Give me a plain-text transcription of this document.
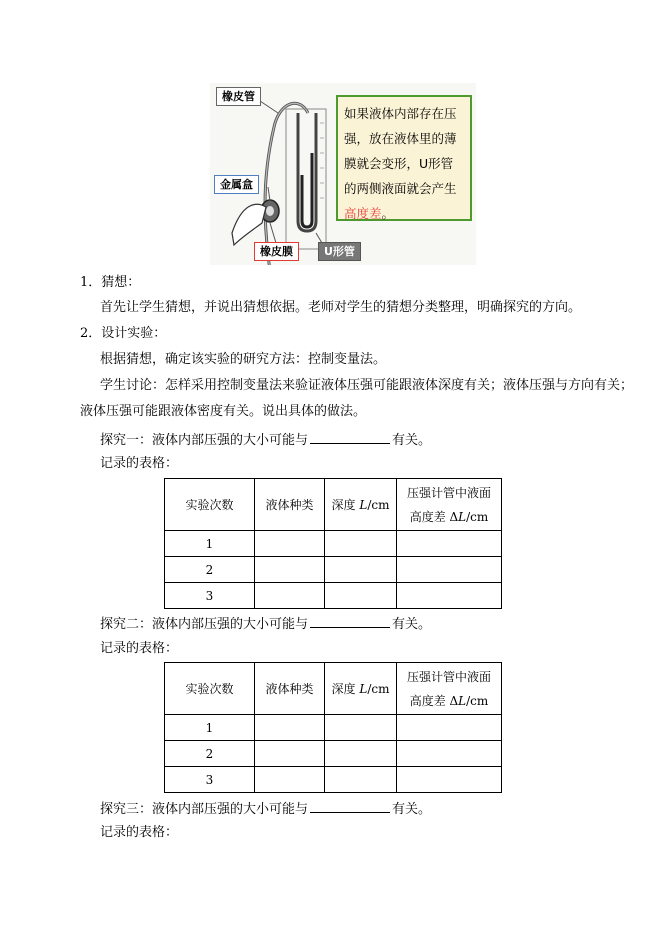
橡皮管
金属盒
橡皮膜	U形管
如果液体内部存在压强，放在液体里的薄膜就会变形，U形管的两侧液面就会产生高度差。
1．猜想：
首先让学生猜想，并说出猜想依据。老师对学生的猜想分类整理，明确探究的方向。
2．设计实验：
根据猜想，确定该实验的研究方法：控制变量法。
学生讨论：怎样采用控制变量法来验证液体压强可能跟液体深度有关；液体压强与方向有关；
液体压强可能跟液体密度有关。说出具体的做法。
探究一：液体内部压强的大小可能与	有关。
记录的表格：
实验次数	液体种类	深度 L/cm	压强计管中液面
高度差 ΔL/cm
1			
2			
3			
探究二：液体内部压强的大小可能与	有关。
记录的表格：
实验次数	液体种类	深度 L/cm	压强计管中液面
高度差 ΔL/cm
1			
2			
3			
探究三：液体内部压强的大小可能与	有关。
记录的表格：
